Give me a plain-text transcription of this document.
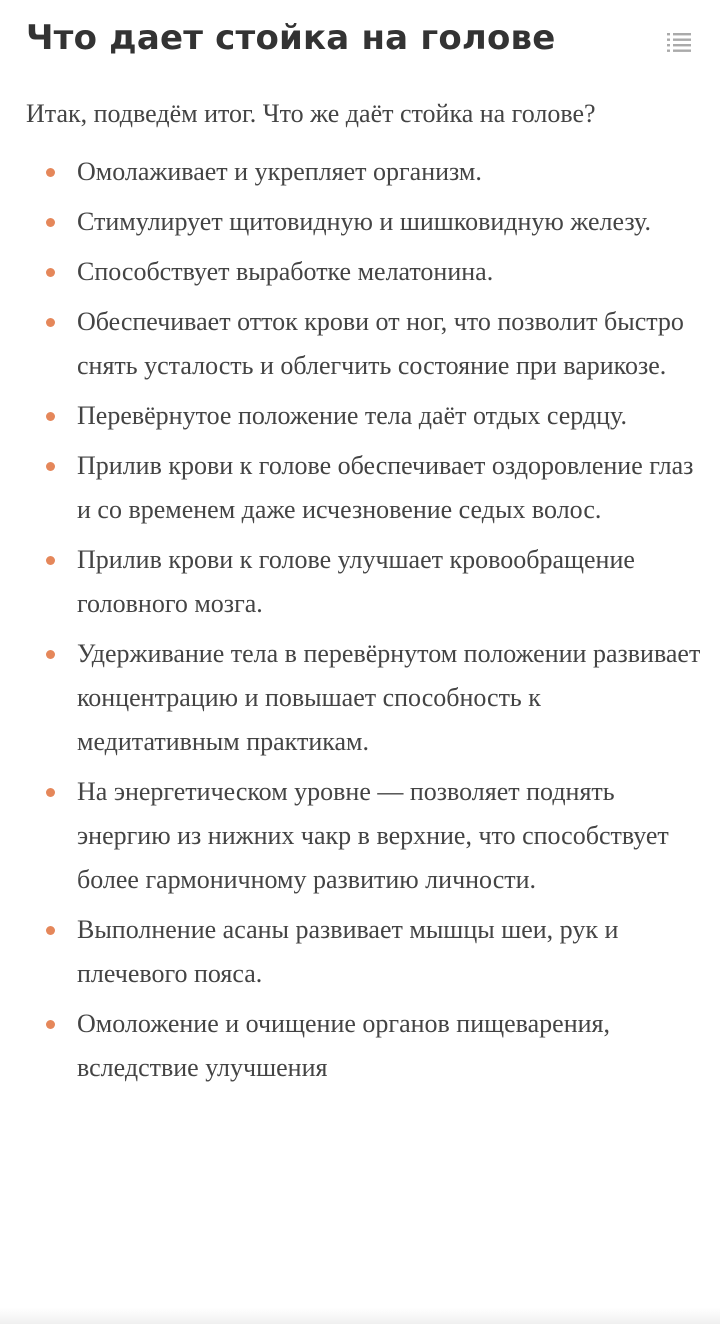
Что дает стойка на голове

Итак, подведём итог. Что же даёт стойка на голове?

Омолаживает и укрепляет организм.
Стимулирует щитовидную и шишковидную железу.
Способствует выработке мелатонина.
Обеспечивает отток крови от ног, что позволит быстро снять усталость и облегчить состояние при варикозе.
Перевёрнутое положение тела даёт отдых сердцу.
Прилив крови к голове обеспечивает оздоровление глаз и со временем даже исчезновение седых волос.
Прилив крови к голове улучшает кровообращение головного мозга.
Удерживание тела в перевёрнутом положении развивает концентрацию и повышает способность к медитативным практикам.
На энергетическом уровне — позволяет поднять энергию из нижних чакр в верхние, что способствует более гармоничному развитию личности.
Выполнение асаны развивает мышцы шеи, рук и плечевого пояса.
Омоложение и очищение органов пищеварения, вследствие улучшения
